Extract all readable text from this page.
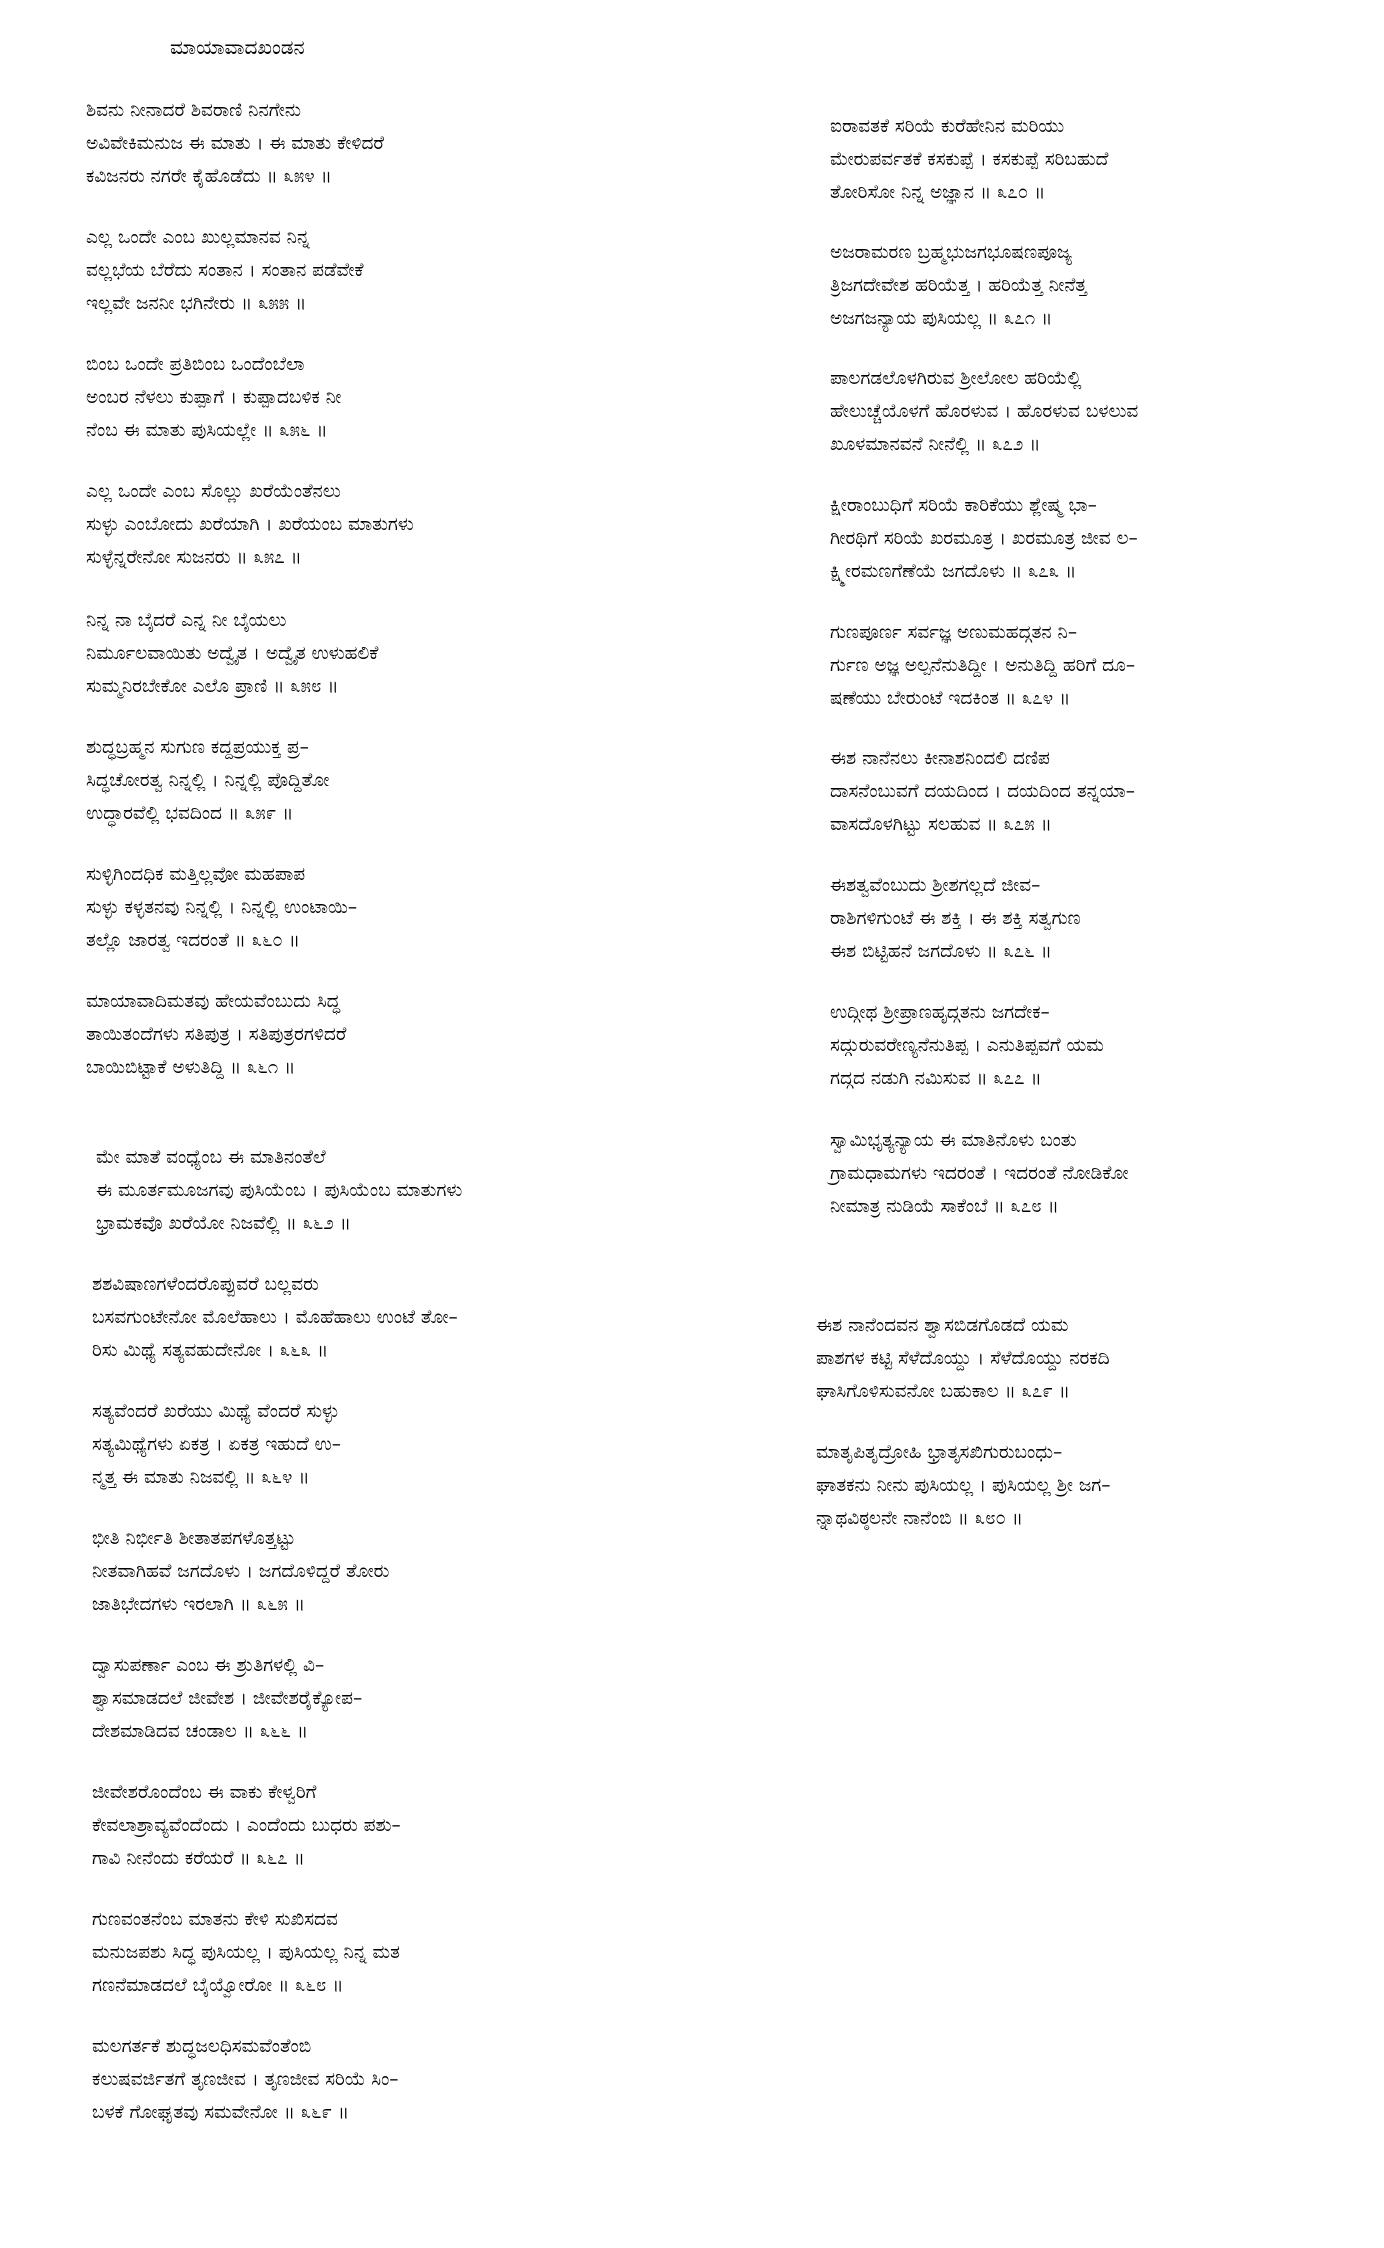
ಮಾಯಾವಾದಖಂಡನ
ಶಿವನು ನೀನಾದರೆ ಶಿವರಾಣಿ ನಿನಗೇನು
ಅವಿವೇಕಿಮನುಜ ಈ ಮಾತು । ಈ ಮಾತು ಕೇಳಿದರೆ
ಕವಿಜನರು ನಗರೇ ಕೈಹೊಡೆದು ॥ ೩೫೪ ॥
ಎಲ್ಲ ಒಂದೇ ಎಂಬ ಖುಲ್ಲಮಾನವ ನಿನ್ನ
ವಲ್ಲಭೆಯ ಬೆರೆದು ಸಂತಾನ । ಸಂತಾನ ಪಡೆವೇಕೆ
ಇಲ್ಲವೇ ಜನನೀ ಭಗಿನೇರು ॥ ೩೫೫ ॥
ಬಿಂಬ ಒಂದೇ ಪ್ರತಿಬಿಂಬ ಒಂದೆಂಬೆಲಾ
ಅಂಬರ ನೆಳಲು ಕುಪ್ಪಾಗೆ । ಕುಪ್ಪಾದಬಳಿಕ ನೀ
ನೆಂಬ ಈ ಮಾತು ಪುಸಿಯಲ್ಲೇ ॥ ೩೫೬ ॥
ಎಲ್ಲ ಒಂದೇ ಎಂಬ ಸೊಲ್ಲು ಖರೆಯೆಂತೆನಲು
ಸುಳ್ಳು ಎಂಬೋದು ಖರೆಯಾಗಿ । ಖರೆಯಂಬ ಮಾತುಗಳು
ಸುಳ್ಳೆನ್ನರೇನೋ ಸುಜನರು ॥ ೩೫೭ ॥
ನಿನ್ನ ನಾ ಬೈದರೆ ಎನ್ನ ನೀ ಬೈಯಲು
ನಿರ್ಮೂಲವಾಯಿತು ಅದ್ವೈತ । ಅದ್ವೈತ ಉಳುಹಲಿಕೆ
ಸುಮ್ಮನಿರಬೇಕೋ ಎಲೊ ಪ್ರಾಣಿ ॥ ೩೫೮ ॥
ಶುದ್ಧಬ್ರಹ್ಮನ ಸುಗುಣ ಕದ್ದಪ್ರಯುಕ್ತ ಪ್ರ–
ಸಿದ್ಧಚೋರತ್ವ ನಿನ್ನಲ್ಲಿ । ನಿನ್ನಲ್ಲಿ ಪೊದ್ದಿತೋ
ಉದ್ಧಾರವೆಲ್ಲಿ ಭವದಿಂದ ॥ ೩೫೯ ॥
ಸುಳ್ಳಿಗಿಂದಧಿಕ ಮತ್ತಿಲ್ಲವೋ ಮಹಪಾಪ
ಸುಳ್ಳು ಕಳ್ಳತನವು ನಿನ್ನಲ್ಲಿ । ನಿನ್ನಲ್ಲಿ ಉಂಟಾಯಿ–
ತಲ್ಲೊ ಜಾರತ್ವ ಇದರಂತೆ ॥ ೩೬೦ ॥
ಮಾಯಾವಾದಿಮತವು ಹೇಯವೆಂಬುದು ಸಿದ್ಧ
ತಾಯಿತಂದೆಗಳು ಸತಿಪುತ್ರ । ಸತಿಪುತ್ರರಗಳಿದರೆ
ಬಾಯಿಬಿಟ್ಟಾಕೆ ಅಳುತಿದ್ದಿ ॥ ೩೬೧ ॥
ಮೇ ಮಾತೆ ವಂಧ್ಯೆಂಬ ಈ ಮಾತಿನಂತೆಲೆ
ಈ ಮೂರ್ತಮೂಜಗವು ಪುಸಿಯೆಂಬ । ಪುಸಿಯೆಂಬ ಮಾತುಗಳು
ಭ್ರಾಮಕವೊ ಖರೆಯೋ ನಿಜವೆಲ್ಲಿ ॥ ೩೬೨ ॥
ಶಶವಿಷಾಣಗಳೆಂದರೊಪ್ಪುವರೆ ಬಲ್ಲವರು
ಬಸವಗುಂಟೇನೋ ಮೊಲೆಹಾಲು । ಮೊಹೆಹಾಲು ಉಂಟೆ ತೋ–
ರಿಸು ಮಿಥ್ಯೆ ಸತ್ಯವಹುದೇನೋ । ೩೬೩ ॥
ಸತ್ಯವೆಂದರೆ ಖರೆಯು ಮಿಥ್ಯೆ ವೆಂದರೆ ಸುಳ್ಳು
ಸತ್ಯಮಿಥ್ಯೆಗಳು ಏಕತ್ರ । ಏಕತ್ರ ಇಹುದೆ ಉ–
ನ್ಮತ್ತ ಈ ಮಾತು ನಿಜವಲ್ಲಿ ॥ ೩೬೪ ॥
ಭೀತಿ ನಿರ್ಭೀತಿ ಶೀತಾತಪಗಳೊತ್ತಟ್ಟು
ನೀತವಾಗಿಹವೆ ಜಗದೊಳು । ಜಗದೊಳಿದ್ದರೆ ತೋರು
ಜಾತಿಭೇದಗಳು ಇರಲಾಗಿ ॥ ೩೬೫ ॥
ದ್ವಾಸುಪರ್ಣಾ ಎಂಬ ಈ ಶ್ರುತಿಗಳಲ್ಲಿ ವಿ–
ಶ್ವಾಸಮಾಡದಲೆ ಜೀವೇಶ । ಜೀವೇಶರೈಕ್ಯೋಪ–
ದೇಶಮಾಡಿದವ ಚಂಡಾಲ ॥ ೩೬೬ ॥
ಜೀವೇಶರೊಂದೆಂಬ ಈ ವಾಕು ಕೇಳ್ವರಿಗೆ
ಕೇವಲಾಶ್ರಾವ್ಯವೆಂದೆಂದು । ಎಂದೆಂದು ಬುಧರು ಪಶು–
ಗಾವಿ ನೀನೆಂದು ಕರೆಯರೆ ॥ ೩೬೭ ॥
ಗುಣವಂತನೆಂಬ ಮಾತನು ಕೇಳಿ ಸುಖಿಸದವ
ಮನುಜಪಶು ಸಿದ್ಧ ಪುಸಿಯಲ್ಲ । ಪುಸಿಯಲ್ಲ ನಿನ್ನ ಮತ
ಗಣನೆಮಾಡದಲೆ ಬೈಯ್ವೋರೋ ॥ ೩೬೮ ॥
ಮಲಗರ್ತಕೆ ಶುದ್ಧಜಲಧಿಸಮವೆಂತೆಂಬಿ
ಕಲುಷವರ್ಜಿತಗೆ ತೃಣಜೀವ । ತೃಣಜೀವ ಸರಿಯೆ ಸಿಂ–
ಬಳಕೆ ಗೋಘೃತವು ಸಮವೇನೋ ॥ ೩೬೯ ॥
ಐರಾವತಕೆ ಸರಿಯೆ ಕುರೆಹೇನಿನ ಮರಿಯು
ಮೇರುಪರ್ವತಕೆ ಕಸಕುಪ್ಪೆ । ಕಸಕುಪ್ಪೆ ಸರಿಬಹುದೆ
ತೋರಿಸೋ ನಿನ್ನ ಅಜ್ಞಾನ ॥ ೩೭೦ ॥
ಅಜರಾಮರಣ ಬ್ರಹ್ಮಭುಜಗಭೂಷಣಪೂಜ್ಯ
ತ್ರಿಜಗದೇವೇಶ ಹರಿಯೆತ್ತ । ಹರಿಯೆತ್ತ ನೀನೆತ್ತ
ಅಜಗಜನ್ಯಾಯ ಪುಸಿಯಲ್ಲ ॥ ೩೭೧ ॥
ಪಾಲಗಡಲೊಳಗಿರುವ ಶ್ರೀಲೋಲ ಹರಿಯೆಲ್ಲಿ
ಹೇಲುಚ್ಚೆಯೊಳಗೆ ಹೊರಳುವ । ಹೊರಳುವ ಬಳಲುವ
ಖೂಳಮಾನವನೆ ನೀನೆಲ್ಲಿ ॥ ೩೭೨ ॥
ಕ್ಷೀರಾಂಬುಧಿಗೆ ಸರಿಯೆ ಕಾರಿಕೆಯು ಶ್ಲೇಷ್ಮ ಭಾ–
ಗೀರಥಿಗೆ ಸರಿಯೆ ಖರಮೂತ್ರ । ಖರಮೂತ್ರ ಜೀವ ಲ–
ಕ್ಷ್ಮೀರಮಣಗೆಣೆಯೆ ಜಗದೊಳು ॥ ೩೭೩ ॥
ಗುಣಪೂರ್ಣ ಸರ್ವಜ್ಞ ಅಣುಮಹದ್ಗತನ ನಿ–
ರ್ಗುಣ ಅಜ್ಞ ಅಲ್ಪನೆನುತಿದ್ದೀ । ಅನುತಿದ್ದಿ ಹರಿಗೆ ದೂ–
ಷಣೆಯು ಬೇರುಂಟೆ ಇದಕಿಂತ ॥ ೩೭೪ ॥
ಈಶ ನಾನೆನಲು ಕೀನಾಶನಿಂದಲಿ ದಣಿಪ
ದಾಸನೆಂಬುವಗೆ ದಯದಿಂದ । ದಯದಿಂದ ತನ್ನಯಾ–
ವಾಸದೊಳಗಿಟ್ಟು ಸಲಹುವ ॥ ೩೭೫ ॥
ಈಶತ್ವವೆಂಬುದು ಶ್ರೀಶಗಲ್ಲದೆ ಜೀವ–
ರಾಶಿಗಳಿಗುಂಟೆ ಈ ಶಕ್ತಿ । ಈ ಶಕ್ತಿ ಸತ್ವಗುಣ
ಈಶ ಬಿಟ್ಟಿಹನೆ ಜಗದೊಳು ॥ ೩೭೬ ॥
ಉದ್ಗೀಥ ಶ್ರೀಪ್ರಾಣಹೃದ್ಗತನು ಜಗದೇಕ–
ಸದ್ಗುರುವರೇಣ್ಯನೆನುತಿಪ್ಪ । ಎನುತಿಪ್ಪವಗೆ ಯಮ
ಗದ್ಗದ ನಡುಗಿ ನಮಿಸುವ ॥ ೩೭೭ ॥
ಸ್ವಾಮಿಭೃತ್ಯನ್ಯಾಯ ಈ ಮಾತಿನೊಳು ಬಂತು
ಗ್ರಾಮಧಾಮಗಳು ಇದರಂತೆ । ಇದರಂತೆ ನೋಡಿಕೋ
ನೀಮಾತ್ರ ನುಡಿಯೆ ಸಾಕೆಂಬೆ ॥ ೩೭೮ ॥
ಈಶ ನಾನೆಂದವನ ಶ್ವಾಸಬಿಡಗೊಡದೆ ಯಮ
ಪಾಶಗಳ ಕಟ್ಟಿ ಸೆಳೆದೊಯ್ದು । ಸೆಳೆದೊಯ್ದು ನರಕದಿ
ಘಾಸಿಗೊಳಿಸುವನೋ ಬಹುಕಾಲ ॥ ೩೭೯ ॥
ಮಾತೃಪಿತೃದ್ರೋಹಿ ಭ್ರಾತೃಸಖಿಗುರುಬಂಧು–
ಘಾತಕನು ನೀನು ಪುಸಿಯಲ್ಲ । ಪುಸಿಯಲ್ಲ ಶ್ರೀ ಜಗ–
ನ್ನಾಥವಿಠ್ಠಲನೇ ನಾನೆಂಬಿ ॥ ೩೮೦ ॥
